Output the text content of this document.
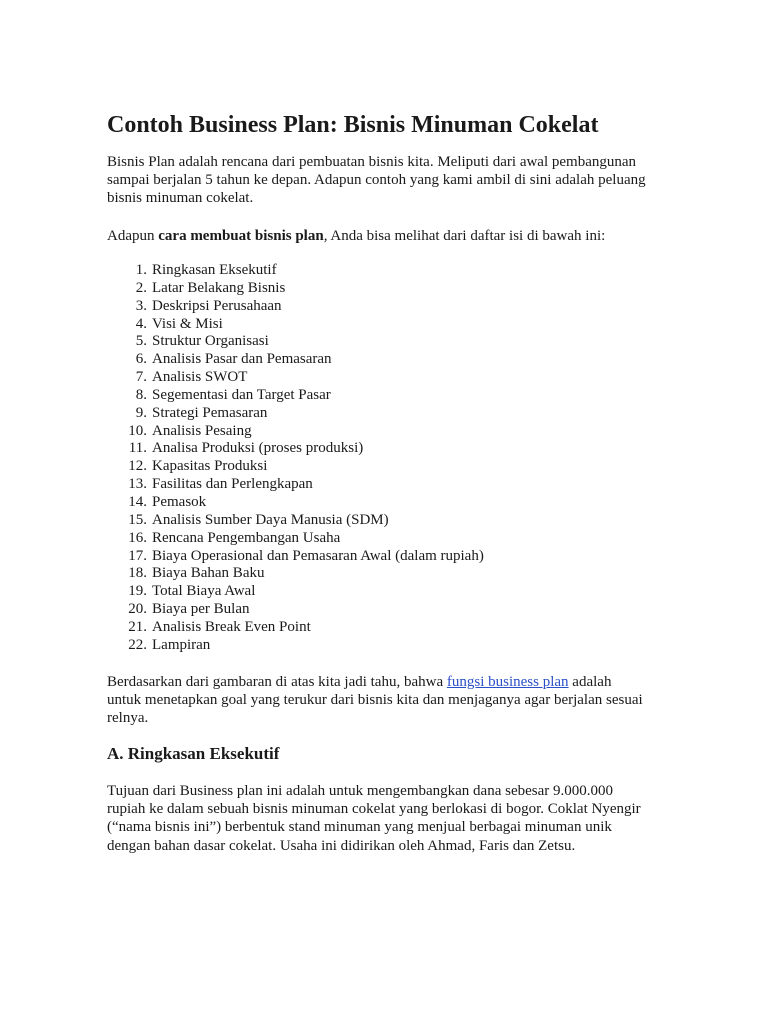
Contoh Business Plan: Bisnis Minuman Cokelat

Bisnis Plan adalah rencana dari pembuatan bisnis kita. Meliputi dari awal pembangunan sampai berjalan 5 tahun ke depan. Adapun contoh yang kami ambil di sini adalah peluang bisnis minuman cokelat.

Adapun cara membuat bisnis plan, Anda bisa melihat dari daftar isi di bawah ini:

1. Ringkasan Eksekutif
2. Latar Belakang Bisnis
3. Deskripsi Perusahaan
4. Visi & Misi
5. Struktur Organisasi
6. Analisis Pasar dan Pemasaran
7. Analisis SWOT
8. Segementasi dan Target Pasar
9. Strategi Pemasaran
10. Analisis Pesaing
11. Analisa Produksi (proses produksi)
12. Kapasitas Produksi
13. Fasilitas dan Perlengkapan
14. Pemasok
15. Analisis Sumber Daya Manusia (SDM)
16. Rencana Pengembangan Usaha
17. Biaya Operasional dan Pemasaran Awal (dalam rupiah)
18. Biaya Bahan Baku
19. Total Biaya Awal
20. Biaya per Bulan
21. Analisis Break Even Point
22. Lampiran

Berdasarkan dari gambaran di atas kita jadi tahu, bahwa fungsi business plan adalah untuk menetapkan goal yang terukur dari bisnis kita dan menjaganya agar berjalan sesuai relnya.

A. Ringkasan Eksekutif

Tujuan dari Business plan ini adalah untuk mengembangkan dana sebesar 9.000.000 rupiah ke dalam sebuah bisnis minuman cokelat yang berlokasi di bogor. Coklat Nyengir (“nama bisnis ini”) berbentuk stand minuman yang menjual berbagai minuman unik dengan bahan dasar cokelat. Usaha ini didirikan oleh Ahmad, Faris dan Zetsu.
